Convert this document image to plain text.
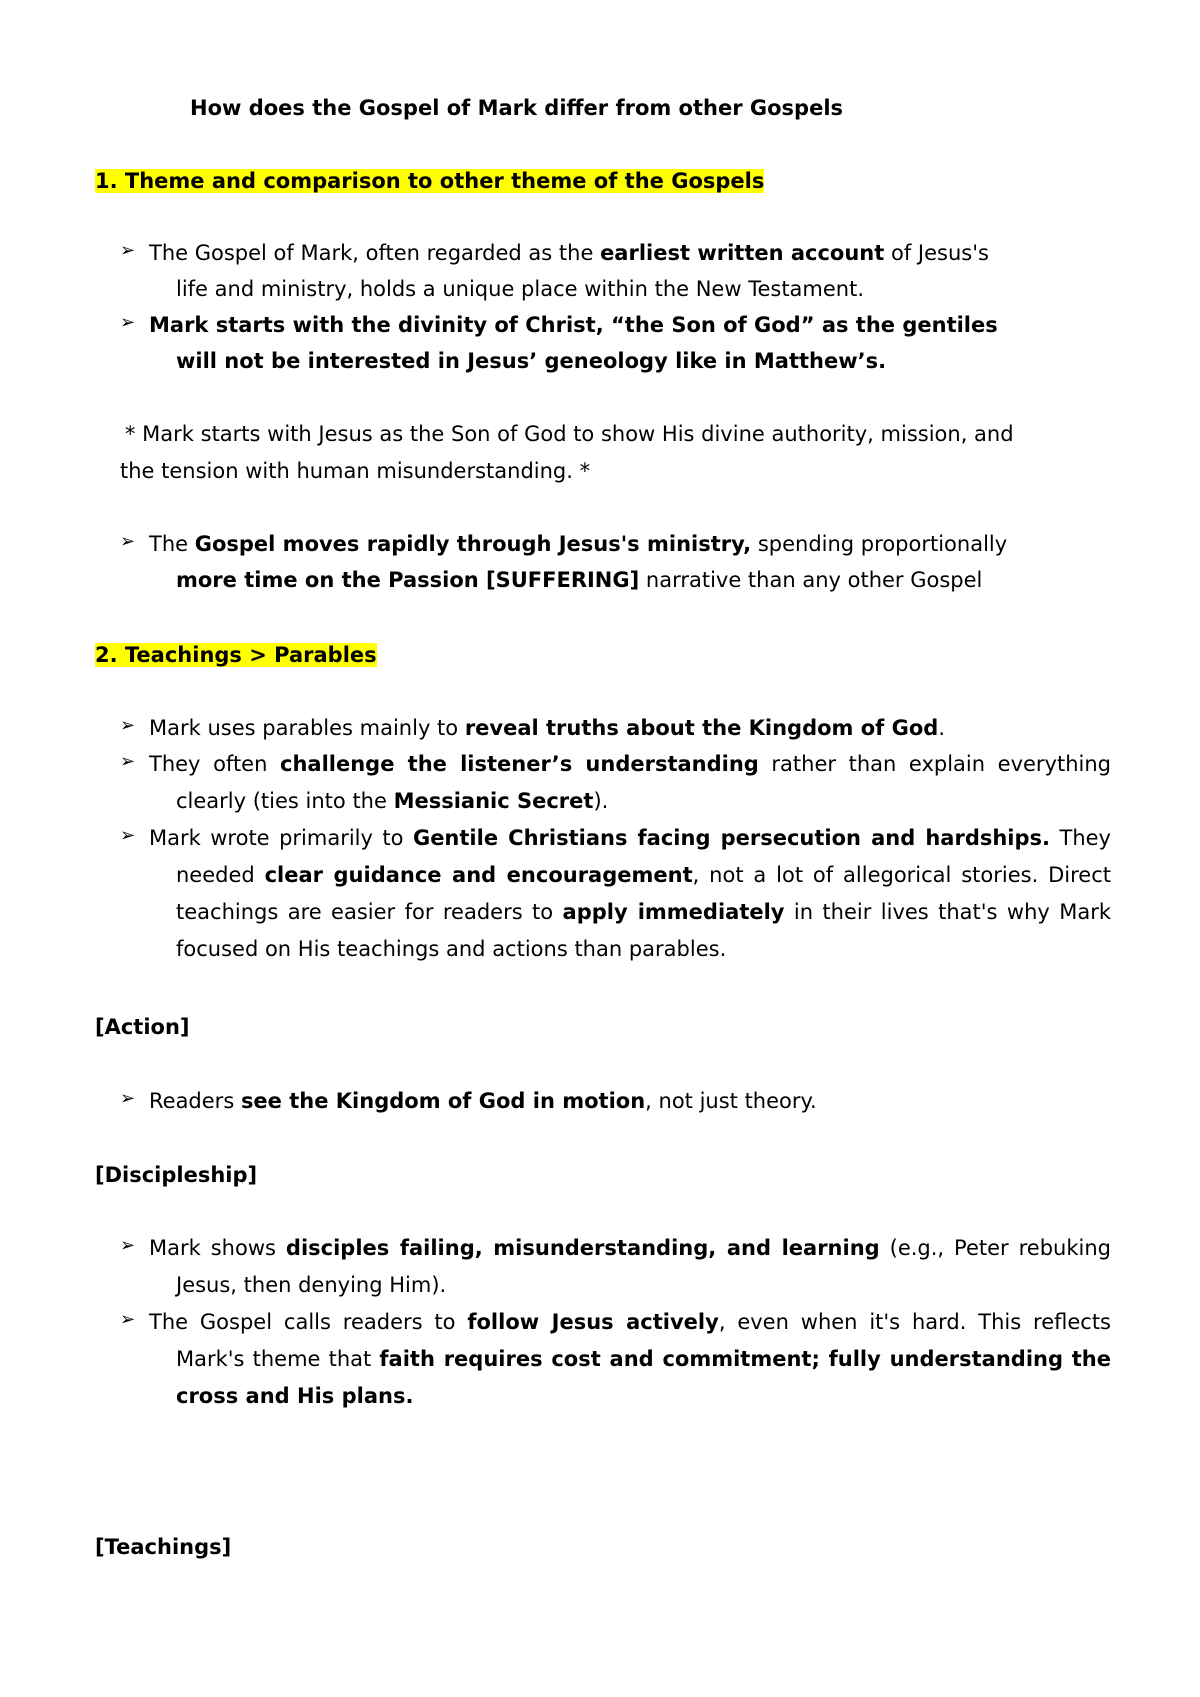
How does the Gospel of Mark differ from other Gospels
1. Theme and comparison to other theme of the Gospels
➢ The Gospel of Mark, often regarded as the earliest written account of Jesus's
life and ministry, holds a unique place within the New Testament.
➢ Mark starts with the divinity of Christ, “the Son of God” as the gentiles
will not be interested in Jesus’ geneology like in Matthew’s.
* Mark starts with Jesus as the Son of God to show His divine authority, mission, and
the tension with human misunderstanding. *
➢ The Gospel moves rapidly through Jesus's ministry, spending proportionally
more time on the Passion [SUFFERING] narrative than any other Gospel
2. Teachings > Parables
➢ Mark uses parables mainly to reveal truths about the Kingdom of God.
➢ They often challenge the listener’s understanding rather than explain everything
clearly (ties into the Messianic Secret).
➢ Mark wrote primarily to Gentile Christians facing persecution and hardships. They
needed clear guidance and encouragement, not a lot of allegorical stories. Direct
teachings are easier for readers to apply immediately in their lives that's why Mark
focused on His teachings and actions than parables.
[Action]
➢ Readers see the Kingdom of God in motion, not just theory.
[Discipleship]
➢ Mark shows disciples failing, misunderstanding, and learning (e.g., Peter rebuking
Jesus, then denying Him).
➢ The Gospel calls readers to follow Jesus actively, even when it's hard. This reflects
Mark's theme that faith requires cost and commitment; fully understanding the
cross and His plans.
[Teachings]
